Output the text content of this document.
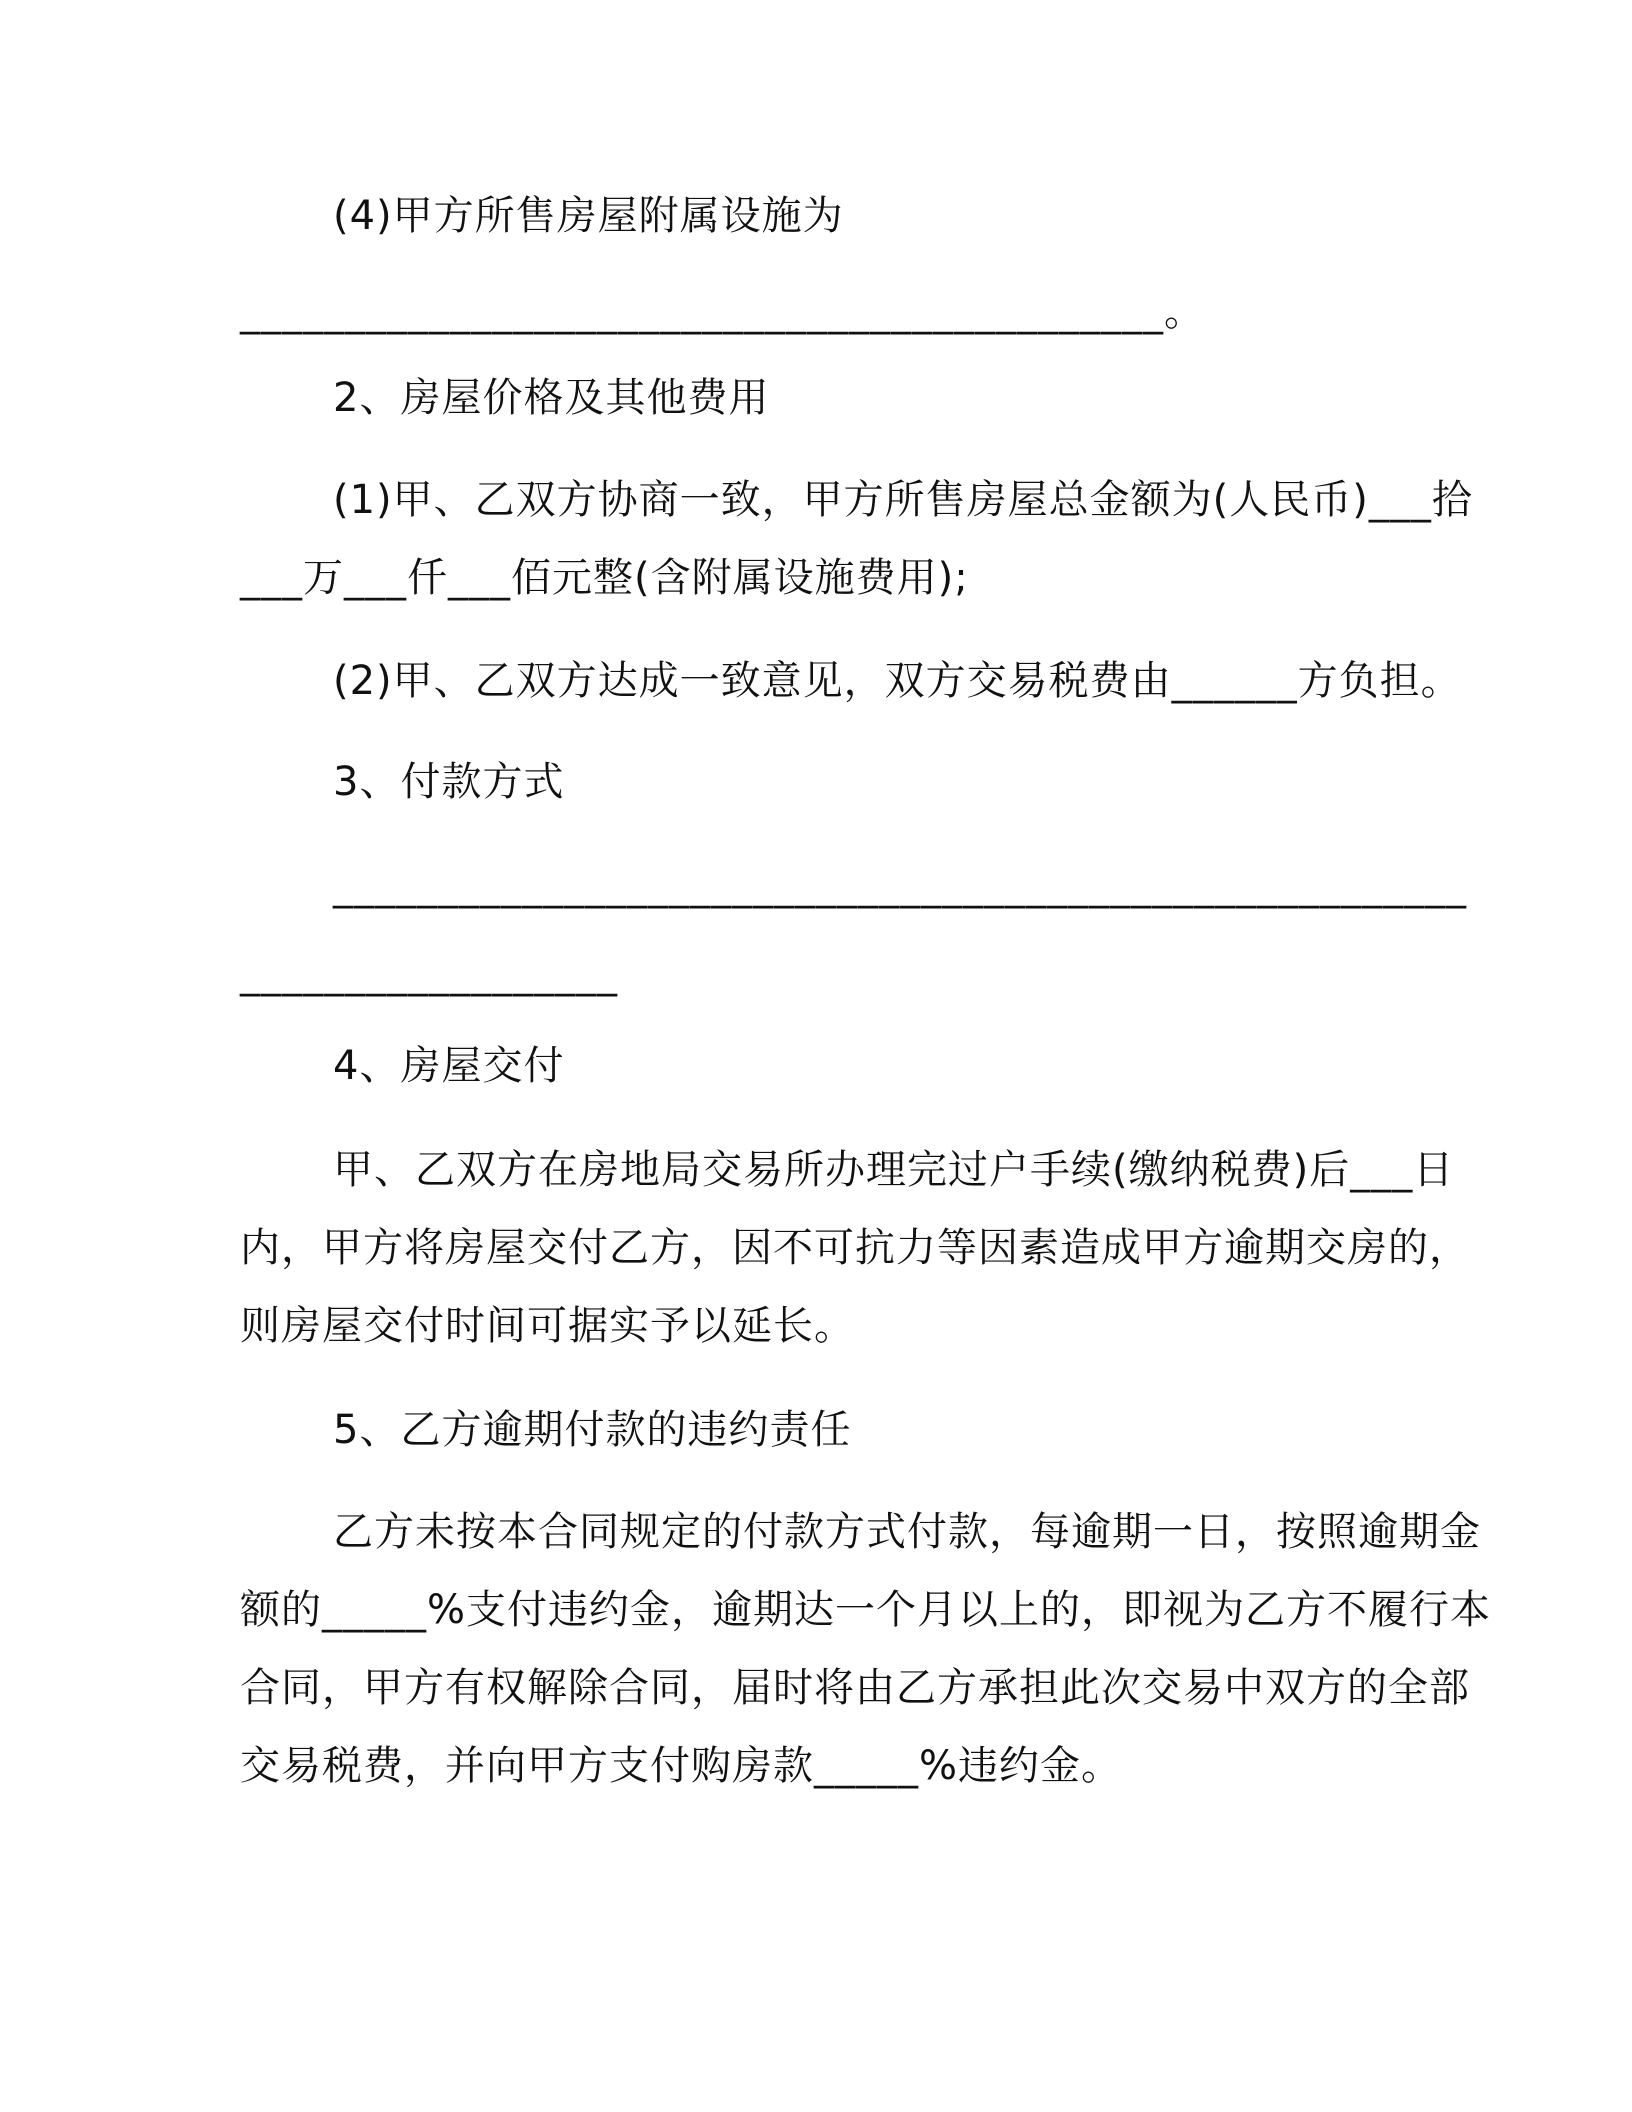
(4)甲方所售房屋附属设施为
____________________________________________。
2、房屋价格及其他费用
(1)甲、乙双方协商一致，甲方所售房屋总金额为(人民币)___拾
___万___仟___佰元整(含附属设施费用);
(2)甲、乙双方达成一致意见，双方交易税费由______方负担。
3、付款方式
______________________________________________________
__________________
4、房屋交付
甲、乙双方在房地局交易所办理完过户手续(缴纳税费)后___日
内，甲方将房屋交付乙方，因不可抗力等因素造成甲方逾期交房的，
则房屋交付时间可据实予以延长。
5、乙方逾期付款的违约责任
乙方未按本合同规定的付款方式付款，每逾期一日，按照逾期金
额的_____%支付违约金，逾期达一个月以上的，即视为乙方不履行本
合同，甲方有权解除合同，届时将由乙方承担此次交易中双方的全部
交易税费，并向甲方支付购房款_____%违约金。
